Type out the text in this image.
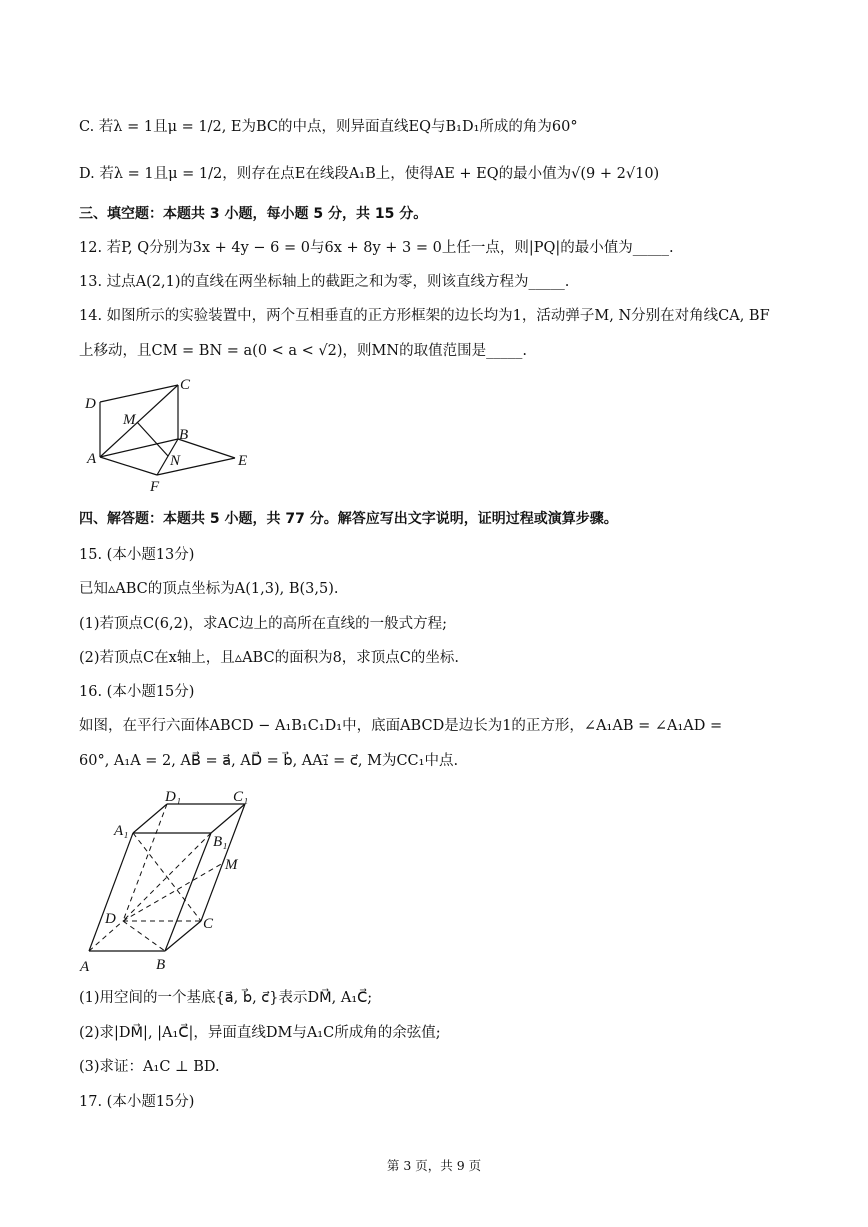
C. 若λ = 1且μ = 1/2, E为BC的中点，则异面直线EQ与B₁D₁所成的角为60°
D. 若λ = 1且μ = 1/2，则存在点E在线段A₁B上，使得AE + EQ的最小值为√(9 + 2√10)
三、填空题：本题共 3 小题，每小题 5 分，共 15 分。
12. 若P, Q分别为3x + 4y − 6 = 0与6x + 8y + 3 = 0上任一点，则|PQ|的最小值为_____.
13. 过点A(2,1)的直线在两坐标轴上的截距之和为零，则该直线方程为_____.
14. 如图所示的实验装置中，两个互相垂直的正方形框架的边长均为1，活动弹子M, N分别在对角线CA, BF
上移动，且CM = BN = a(0 < a < √2)，则MN的取值范围是_____.
D
C
M
B
A	N	E
F
四、解答题：本题共 5 小题，共 77 分。解答应写出文字说明，证明过程或演算步骤。
15. (本小题13分)
已知▵ABC的顶点坐标为A(1,3), B(3,5).
(1)若顶点C(6,2)，求AC边上的高所在直线的一般式方程;
(2)若顶点C在x轴上，且▵ABC的面积为8，求顶点C的坐标.
16. (本小题15分)
如图，在平行六面体ABCD − A₁B₁C₁D₁中，底面ABCD是边长为1的正方形，∠A₁AB = ∠A₁AD =
60°, A₁A = 2, AB⃗ = a⃗, AD⃗ = b⃗, AA₁⃗ = c⃗, M为CC₁中点.
D₁	C₁
A₁
B₁
M
D	C
A	B
(1)用空间的一个基底{a⃗, b⃗, c⃗}表示DM⃗, A₁C⃗;
(2)求|DM⃗|, |A₁C⃗|，异面直线DM与A₁C所成角的余弦值;
(3)求证：A₁C ⊥ BD.
17. (本小题15分)
第 3 页，共 9 页
